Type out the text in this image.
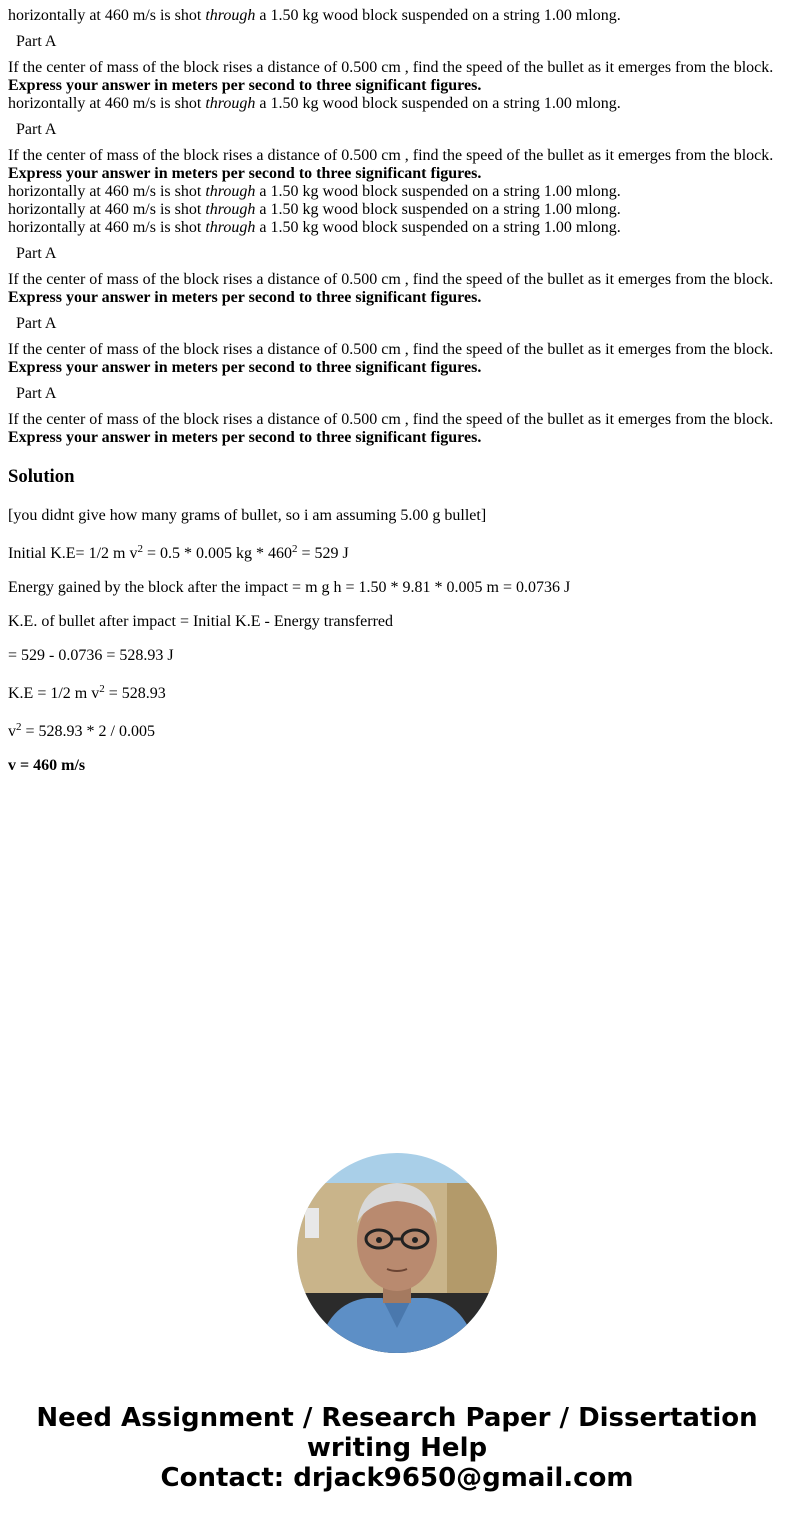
horizontally at 460 m/s is shot through a 1.50 kg wood block suspended on a string 1.00 mlong.
Part A
If the center of mass of the block rises a distance of 0.500 cm , find the speed of the bullet as it emerges from the block.
Express your answer in meters per second to three significant figures.
horizontally at 460 m/s is shot through a 1.50 kg wood block suspended on a string 1.00 mlong.
Part A
If the center of mass of the block rises a distance of 0.500 cm , find the speed of the bullet as it emerges from the block.
Express your answer in meters per second to three significant figures.
horizontally at 460 m/s is shot through a 1.50 kg wood block suspended on a string 1.00 mlong.
horizontally at 460 m/s is shot through a 1.50 kg wood block suspended on a string 1.00 mlong.
horizontally at 460 m/s is shot through a 1.50 kg wood block suspended on a string 1.00 mlong.
Part A
If the center of mass of the block rises a distance of 0.500 cm , find the speed of the bullet as it emerges from the block.
Express your answer in meters per second to three significant figures.
Part A
If the center of mass of the block rises a distance of 0.500 cm , find the speed of the bullet as it emerges from the block.
Express your answer in meters per second to three significant figures.
Part A
If the center of mass of the block rises a distance of 0.500 cm , find the speed of the bullet as it emerges from the block.
Express your answer in meters per second to three significant figures.
Solution
[you didnt give how many grams of bullet, so i am assuming 5.00 g bullet]
Initial K.E= 1/2 m $v^2 = 0.5 * 0.005$ kg * $460^2 = 529$ J
Energy gained by the block after the impact = m g h = 1.50 * 9.81 * 0.005 m = 0.0736 J
K.E. of bullet after impact = Initial K.E - Energy transferred
= 529 - 0.0736 = 528.93 J
K.E = 1/2 m $v^2 = 528.93$
$v^2 = 528.93 * 2 / 0.005$
v = 460 m/s
Need Assignment / Research Paper / Dissertation
writing Help
Contact: drjack9650@gmail.com
